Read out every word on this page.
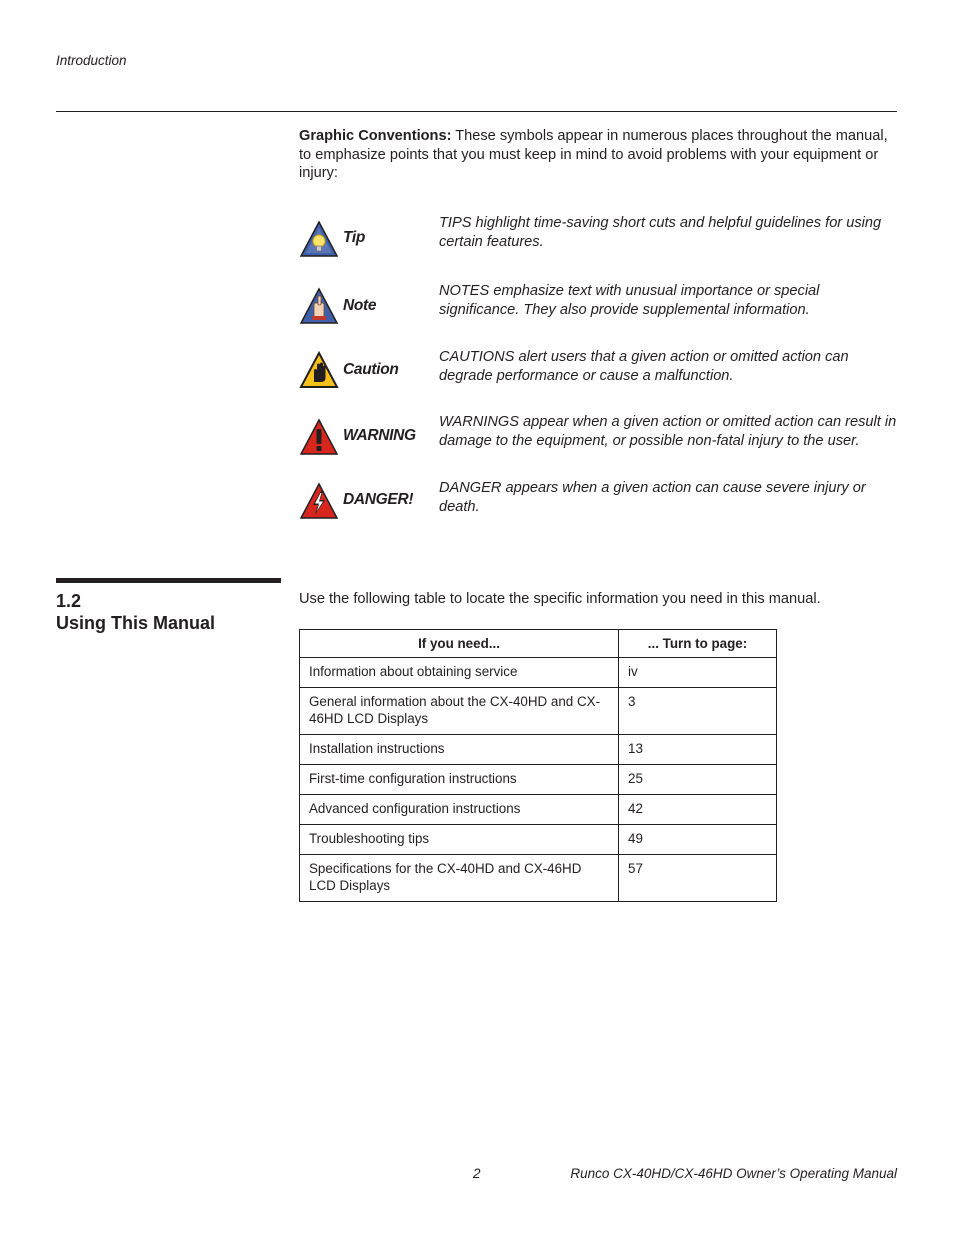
Introduction
Graphic Conventions: These symbols appear in numerous places throughout the manual, to emphasize points that you must keep in mind to avoid problems with your equipment or injury:
Tip
TIPS highlight time-saving short cuts and helpful guidelines for using certain features.
Note
NOTES emphasize text with unusual importance or special significance. They also provide supplemental information.
Caution
CAUTIONS alert users that a given action or omitted action can degrade performance or cause a malfunction.
WARNING
WARNINGS appear when a given action or omitted action can result in damage to the equipment, or possible non-fatal injury to the user.
DANGER!
DANGER appears when a given action can cause severe injury or death.
1.2
Using This Manual
Use the following table to locate the specific information you need in this manual.
If you need...	... Turn to page:
Information about obtaining service	iv
General information about the CX-40HD and CX-46HD LCD Displays	3
Installation instructions	13
First-time configuration instructions	25
Advanced configuration instructions	42
Troubleshooting tips	49
Specifications for the CX-40HD and CX-46HD LCD Displays	57
2	Runco CX-40HD/CX-46HD Owner’s Operating Manual
